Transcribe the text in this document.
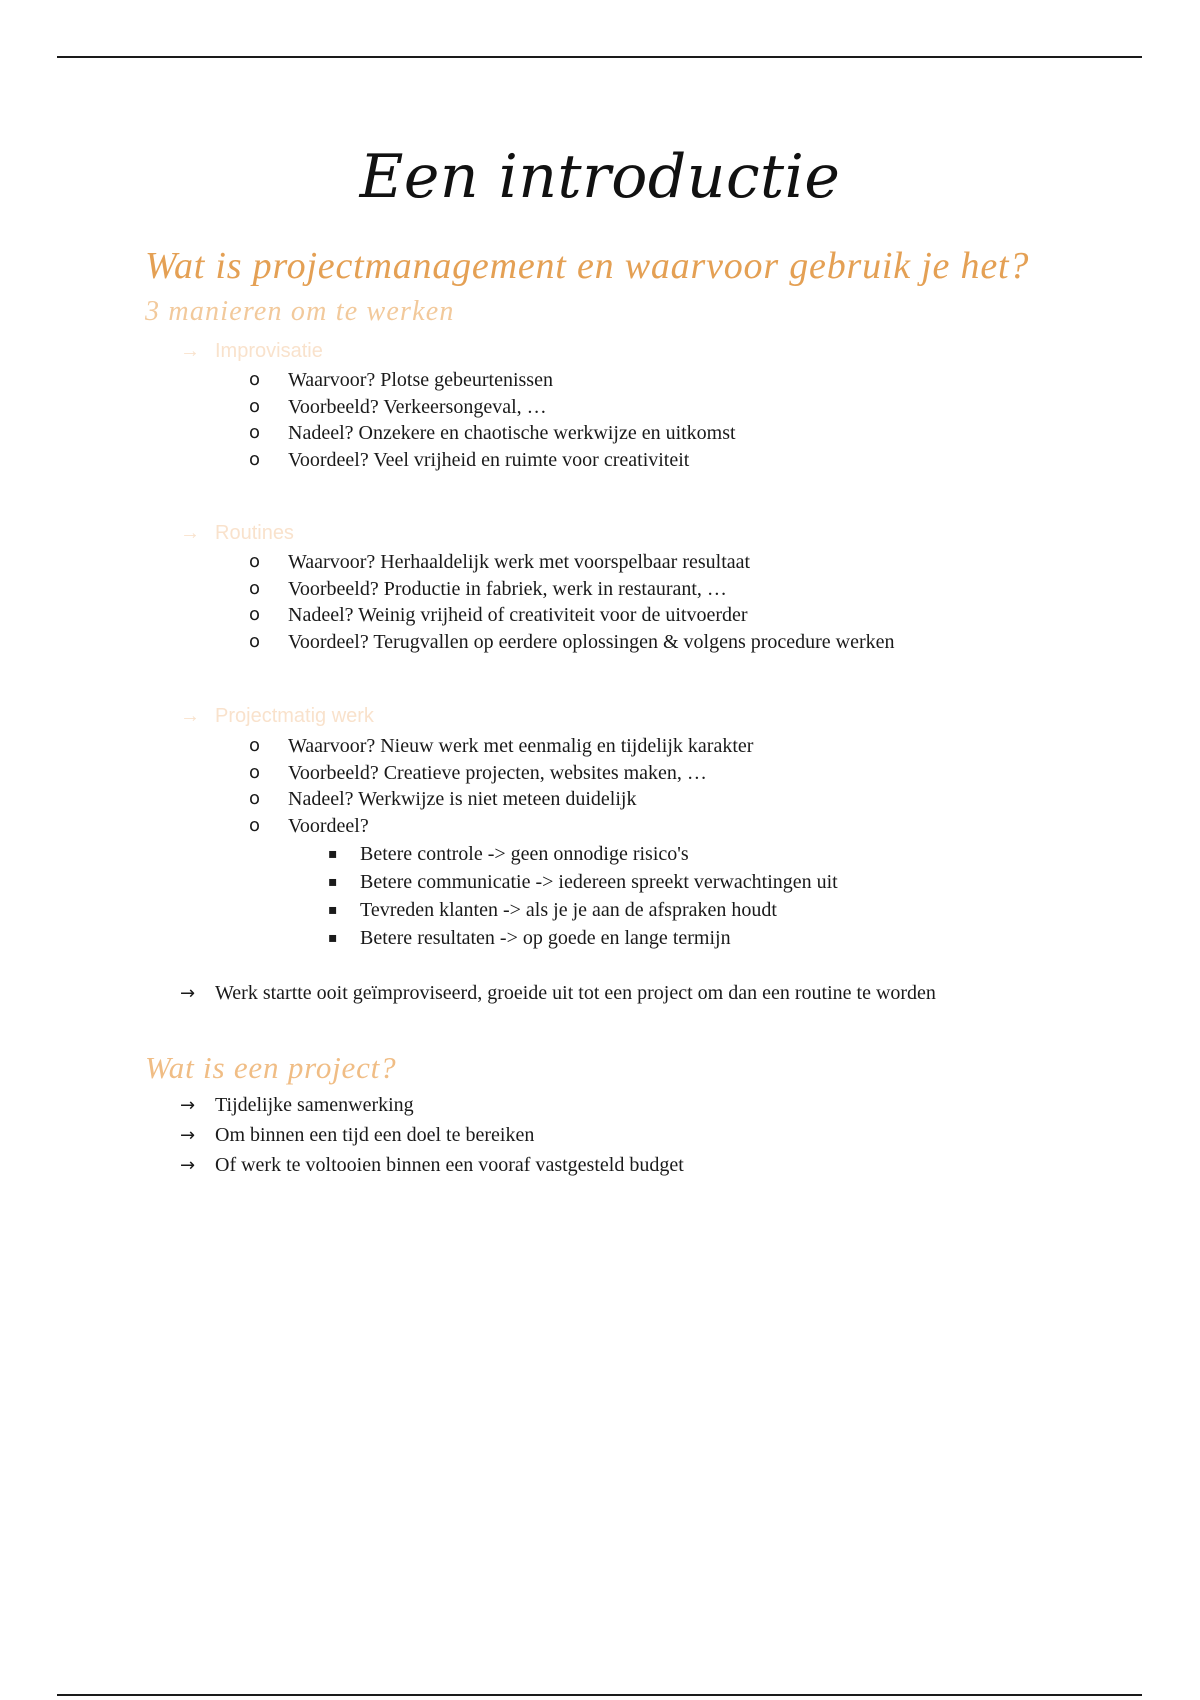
Een introductie
Wat is projectmanagement en waarvoor gebruik je het?
3 manieren om te werken
→ Improvisatie
o Waarvoor? Plotse gebeurtenissen
o Voorbeeld? Verkeersongeval, …
o Nadeel? Onzekere en chaotische werkwijze en uitkomst
o Voordeel? Veel vrijheid en ruimte voor creativiteit
→ Routines
o Waarvoor? Herhaaldelijk werk met voorspelbaar resultaat
o Voorbeeld? Productie in fabriek, werk in restaurant, …
o Nadeel? Weinig vrijheid of creativiteit voor de uitvoerder
o Voordeel? Terugvallen op eerdere oplossingen & volgens procedure werken
→ Projectmatig werk
o Waarvoor? Nieuw werk met eenmalig en tijdelijk karakter
o Voorbeeld? Creatieve projecten, websites maken, …
o Nadeel? Werkwijze is niet meteen duidelijk
o Voordeel?
▪ Betere controle -> geen onnodige risico's
▪ Betere communicatie -> iedereen spreekt verwachtingen uit
▪ Tevreden klanten -> als je je aan de afspraken houdt
▪ Betere resultaten -> op goede en lange termijn
→ Werk startte ooit geïmproviseerd, groeide uit tot een project om dan een routine te worden
Wat is een project?
→ Tijdelijke samenwerking
→ Om binnen een tijd een doel te bereiken
→ Of werk te voltooien binnen een vooraf vastgesteld budget
